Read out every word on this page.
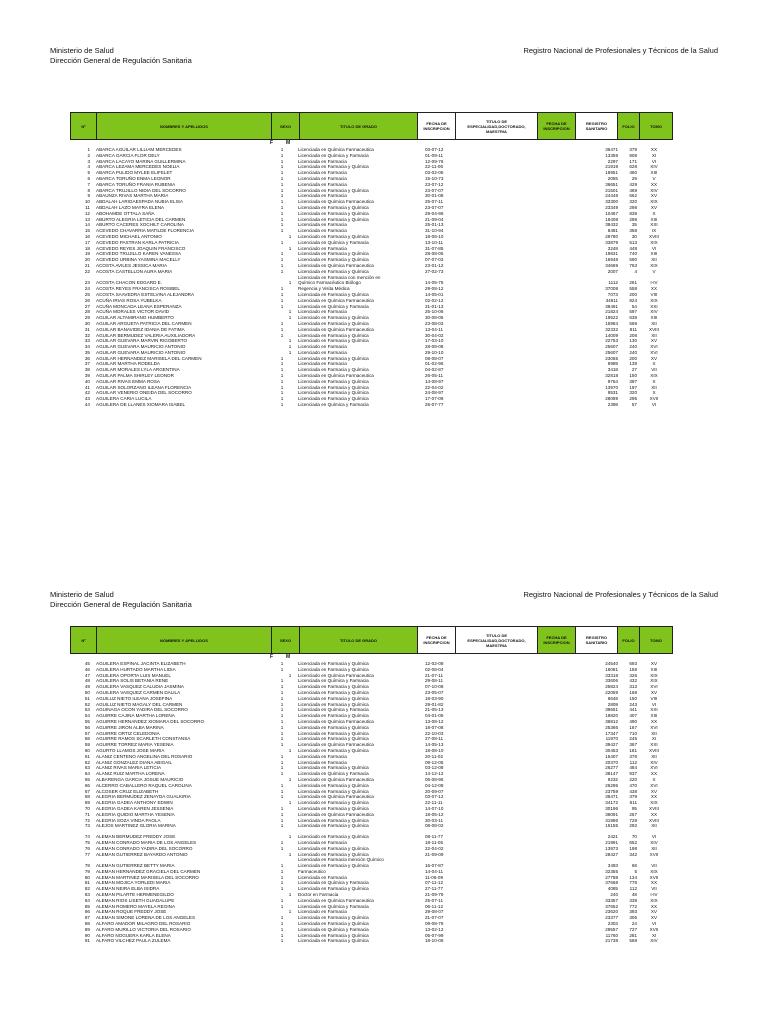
Ministerio de Salud
Dirección General de Regulación Sanitaria
Registro Nacional de Profesionales y Técnicos de la Salud
Nº	NOMBRES Y APELLIDOS	SEXO	TITULO DE GRADO	FECHA DE INSCRIPCION
TITULO DE ESPECIALIDAD,DOCTORADO, MAESTRIA
FECHA DE INSCRIPCION
REGISTRO SANITARIO	FOLIO	TOMO
F	M
1 ABARCA AGUILAR LILLIAM MERCEDES	1	Licenciada en Química Farmaceutica	03-07-12	36471	379	XX
2 ABARCA GARCIA FLOR DELY	1	Licenciada en Química y Farmacia	01-09-11	13359	808	XI
3 ABARCA LACAYO MARINA GUILLERMINA	1	Licenciada en Farmacia	12-09-76	2297	171	VI
4 ABARCA LEZAMA MERCEDES NOELIA	1	Licenciada en Farmacia y Química	22-11-06	21919	628	XIV
5 ABARCA PULIDO MYLEE ELIFELET	1	Licenciada en Farmacia	03-02-05	18951	460	XIII
6 ABARCA TORUÑO ENMA LEONOR	1	Licenciada en Farmacia	15-10-73	2055	29	V
7 ABARCA TORUÑO FRANIA RUBENIA	1	Licenciada en Farmacia	23-07-12	36651	429	XX
8 ABARCA TRUJILLO NIDIA DEL SOCORRO	1	Licenciada en Farmacia y Química	23-07-07	21501	469	XIV
9 ABAUNZA RIVAS MARTHA MARIA	1	Licenciada en Farmacia	30-01-08	24448	662	XV
10 ABDALAH LARIGAESPADA NUBIA ELISA	1	Licenciada en Química Farmaceutica	25-07-11	33300	320	XIX
11 ABDALAH LAZO MAYRA ELENA	1	Licenciada en Farmacia y Química	23-07-07	23349	298	XV
12 ABOHAMDE OTTALA SAÑA	1	Licenciada en Farmacia y Química	29-04-96	10467	838	X
13 ABURTO ALEGRIA LETICIA DEL CARMEN	1	Licenciada en Farmacia y Química	21-09-04	18408	298	XIII
14 ABURTO CACERES XOCHILT CAROLINA	1	Licenciada en Farmacia	25-01-13	38432	35	XXI
15 ACEVEDO CHAVARRIA MATILDE FLORENCIA	1	Licenciada en Farmacia	31-10-94	8481	358	IX
16 ACEVEDO MICHAEL ANTONIO	1	Licenciado en Farmacia y Química	18-06-10	29780	30	XVIII
17 ACEVEDO PASTRAN KARLA PATRICIA	1	Licenciada en Química y Farmacia	13-10-11	33879	513	XIX
18 ACEVEDO REYES JOAQUIN FRANCISCO	1	Licenciado en Farmacia	31-07-85	3248	448	VI
19 ACEVEDO TRUJILLO KAREN VANESSA	1	Licenciada en Farmacia y Química	28-08-05	19831	740	XIII
20 ACEVEDO URBINA YASMINA MACELLY	1	Licenciada en Farmacia y Química	07-07-03	16948	590	XII
21 ACOSTA AVILES JESSICA MARIA	1	Licenciada en Química Farmaceutica	23-01-12	34669	763	XIX
22 ACOSTA CASTELLON AURA MARIA	1	Licenciada en Farmacia y Química	27-02-73	2007	4	V
23 ACOSTA CHACON EDGARD E.	1
Licenciada en Farmacia con mención en
Químico Farmacéutico Biólogo	14-05-75	1112	261	I-IV
24 ACOSTA REYES FRANCISCA ROSIBEL	1	Regencia y Visita Médica	29-08-12	37008	558	XX
25 ACOSTA SAAVEDRA ESTELVINA ALEJANDRA	1	Licenciada en Farmacia y Química	14-05-01	7073	200	VIII
26 ACUÑA IRIAS ROSA YUBELKA	1	Licenciada en Química Farmaceutica	02-02-12	34811	824	XIX
27 ACUÑA MONCADA LEANA ESPERANZA	1	Licenciada en Química y Farmacia	31-01-13	38491	54	XXI
28 ACUÑA MORALES VICTOR DAVID	1	Licenciado en Farmacia	25-10-06	21824	597	XIV
29 AGUILAR ALTAMIRANO HUMBERTO	1	Licenciado en Farmacia y Química	30-08-05	19522	638	XIII
30 AGUILAR ARGUETA PATRICIA DEL CARMEN	1	Licenciada en Farmacia y Química	23-08-03	15984	569	XII
31 AGUILAR BANAVIDEZ IDANIA DE FATIMA	1	Licenciada en Química Farmaceutica	13-04-11	32332	811	XVIII
32 AGUILAR BERMUDEZ VALERIA AUXILIADORA	1	Licenciada en Farmacia y Química	30-04-02	14009	208	XII
33 AGUILAR GUEVARA MARVIN RIGOBERTO	1	Licenciado en Farmacia y Química	17-03-10	22753	130	XV
34 AGUILAR GUEVARA MAURICIO ANTONIO	1	Licenciado en Farmacia	28-08-08	25607	240	XVI
35 AGUILAR GUEVARA MAURICIO ANTONIO	1	Licenciado en Farmacia	29-10-10	25607	240	XVI
36 AGUILAR HERNANDEZ MARISELA DEL CARMEN	1	Licenciada en Farmacia y Química	08-08-07	23055	200	XV
37 AGUILAR MARTHA RODELDA	1	Licenciada en Farmacia	01-02-96	8989	139	X
38 AGUILAR MORALES LYLA ARGENTINA	1	Licenciada en Farmacia y Química	04-02-87	3418	27	VII
39 AGUILAR PALMA SHIRLEY LEONOR	1	Licenciada en Química Farmaceutica	26-05-11	32818	150	XIX
40 AGUILAR RIVAS EMMA ROSA	1	Licenciada en Farmacia y Química	14-08-97	9764	397	X
41 AGUILAR SOLORZANO ILEANA FLORENCIA	1	Licenciada en Farmacia y Química	22-04-02	13970	197	XII
42 AGUILAR VENERIO ONEIDA DEL SOCORRO	1	Licenciada en Farmacia y Química	24-08-97	9531	320	X
43 AGUILERA CARIA LUCILA	1	Licenciada en Farmacia y Química	17-07-09	28089	295	XVII
44 AGUILERA DE LLANES XIOMARA ISABEL	1	Licenciada en Química y Farmacia	26-07-77	2398	57	VI
Ministerio de Salud
Dirección General de Regulación Sanitaria
Registro Nacional de Profesionales y Técnicos de la Salud
Nº	NOMBRES Y APELLIDOS	SEXO	TITULO DE GRADO	FECHA DE INSCRIPCION
TITULO DE ESPECIALIDAD,DOCTORADO, MAESTRIA
FECHA DE INSCRIPCION
REGISTRO SANITARIO	FOLIO	TOMO
F	M
45 AGUILERA ESPINAL JACINTA ELIZABETH	1	Licenciada en Farmacia y Química	12-02-08	24540	693	XV
46 AGUILERA HURTADO MARTHA LIDIA	1	Licenciada en Farmacia y Química	02-08-04	16081	158	XIII
47 AGUILERA OPORTA LUIS MANUEL	1	Licenciado en Química Farmaceutica	21-07-11	33318	326	XIX
48 AGUILERA SOLIS BETANIA RENE	1	Licenciada en Química y Farmacia	29-08-11	33606	432	XIX
49 AGUILERA VASQUEZ CALUDIA JASMINA	1	Licenciada en Farmacia y Química	07-10-08	25824	313	XVI
50 AGUILERA VASQUEZ CARMEN DALILA	1	Licenciada en Farmacia y Química	23-05-07	22059	168	XV
51 AGUILUZ NIETO ILEANA JOSEFINA	1	Licenciada en Farmacia y Química	18-03-90	6648	150	VIII
52 AGUILUZ NIETO MAGALY DEL CARMEN	1	Licenciada en Farmacia y Química	29-01-82	2809	243	VI
53 AGUINAGA OCON YADIRA DEL SOCORRO	1	Licenciada en Química y Farmacia	21-05-13	39651	441	XXI
54 AGUIRRE CAJINA MARTHA LORENA	1	Licenciada en Farmacia y Química	04-01-05	18820	407	XIII
55 AGUIRRE HERNANDEZ XIOMARA DEL SOCORRO	1	Licenciada en Química Farmaceutica	13-08-12	36812	490	XX
56 AGUIRRE JIRON ALBA MARINA	1	Licenciada en Farmacia y Química	18-07-08	25366	167	XVI
57 AGUIRRE ORTIZ CELEDONIA	1	Licenciada en Farmacia y Química	22-10-03	17347	710	XII
58 AGUIRRE RAMOS SCARLETH CONSTANSA	1	Licenciada en Farmacia y Química	27-08-11	11970	245	XI
59 AGUIRRE TORREZ MARIA YESENIA	1	Licenciada en Química Farmaceutica	14-05-13	39427	367	XXI
60 AGURTO LLAMOS JOSE MARIA	1	Licenciado en Farmacia y Química	18-08-10	30453	181	XVIII
61 ALANIZ CENTENO ANGELINA DEL ROSARIO	1	Licenciada en Farmacia	20-11-02	15407	376	XII
62 ALANIZ GONZALEZ DIANA ABIGAIL	1	Licenciada en Farmacia	09-12-05	20370	112	XIV
63 ALANIZ RIVAS MARIA LETICIA	1	Licenciada en Farmacia y Química	03-12-08	26277	484	XVI
64 ALANIZ RUIZ MARTHA LORENA	1	Licenciada en Química y Farmacia	14-12-12	38147	937	XX
65 ALBARENGA GARCIA JOSUE MAURICIO	1	Licenciado en Química Farmaceutica	05-08-96	9232	220	X
66 ALCERRO CABALLERO RAQUEL CAROLINA	1	Licenciada en Farmacia y Química	04-12-08	26295	470	XVI
67 ALCOSER CRUZ ELIZABETH	1	Licenciada en Farmacia y Química	20-09-07	23759	438	XV
68 ALEGRIA BERMUDEZ ZENAYDA GUALKIRIA	1	Licenciada en Química Farmaceutica	03-07-12	36471	379	XX
69 ALEGRIA GADEA ANTHONY EDWIN	1	Licenciado en Farmacia y Química	22-11-11	34172	611	XIX
70 ALEGRIA GADEA KAREN JESSENIA	1	Licenciada en Farmacia y Química	14-07-10	30196	95	XVIII
71 ALEGRIA QUIDIO MARTHA YESENIA	1	Licenciada en Química Farmaceutica	18-05-12	36091	257	XX
72 ALEGRIA SOZA VINDA PAOLA	1	Licenciada en Farmacia y Química	30-03-11	31986	729	XVIII
73 ALEJOS MARTINEZ GLORIA MARINA	1	Licenciada en Farmacia y Química	08-08-02	15155	292	XII
74 ALEMAN BERMUDEZ FREDDY JOSE	1	Licenciado en Farmacia y Química	08-11-77	2421	70	VI
75 ALEMAN CONRADO MARIA DE LOS ANGELES	1	Licenciada en Farmacia	18-11-05	21991	652	XIV
76 ALEMAN CONRADO YADIRA DEL SOCORRO	1	Licenciada en Farmacia y Química	22-04-02	13973	198	XII
77 ALEMAN GUTIERREZ BAYARDO ANTONIO	1	Licenciado en Farmacia y Química	21-09-09	28427	342	XVII
78 ALEMAN GUTIERREZ BETTY MARIA	1
Licenciada en Farmacia mención Químico
Licenciada en Farmacia y Química	16-07-87	3493	68	VII
79 ALEMAN HERNANDEZ GRACIELA DEL CARMEN	1	Farmaceutico	14-04-11	32355	5	XIX
80 ALEMAN MARTINEZ MARISELA DEL SOCORRO	1	Licenciada en Farmacia	11-06-09	27788	134	XVII
81 ALEMAN MOJICA YORLEDI MARIA	1	Licenciada en Química y Farmacia	07-11-12	37668	778	XX
82 ALEMAN NEIRA ELBA ISIDRA	1	Licenciada en Farmacia y Química	27-11-77	4085	112	VII
83 ALEMAN PILARTE HERMENEGILDO	1	Doctor en Farmacia	21-09-79	240	48	I-IV
84 ALEMAN RIOS LISETH GUADALUPE	1	Licenciada en Química Farmaceutica	25-07-11	33357	339	XIX
85 ALEMAN ROMERO MAYELA REGINA	1	Licenciada en Química y Farmacia	06-11-12	37652	772	XX
86 ALEMAN ROQUE FREDDY JOSE	1	Licenciado en Farmacia	29-08-07	23620	393	XV
87 ALEMAN SIMONE LORENA DE LOS ANGELES	1	Licenciada en Farmacia y Química	31-07-07	23377	306	XV
88 ALFARO AMADOR MILAGRO DEL ROSARIO	1	Licenciada en Farmacia y Química	09-08-76	2303	24	VI
89 ALFARO MURILLO VICTORIA DEL ROSARIO	1	Licenciada en Química y Farmacia	13-02-12	29557	727	XVII
90 ALFARO NOGUERA KARLA ELENA	1	Licenciada en Farmacia y Química	05-07-99	11760	281	XI
91 ALFARO VILCHEZ PAULA ZULEMA	1	Licenciada en Farmacia y Química	18-10-06	21738	568	XIV
